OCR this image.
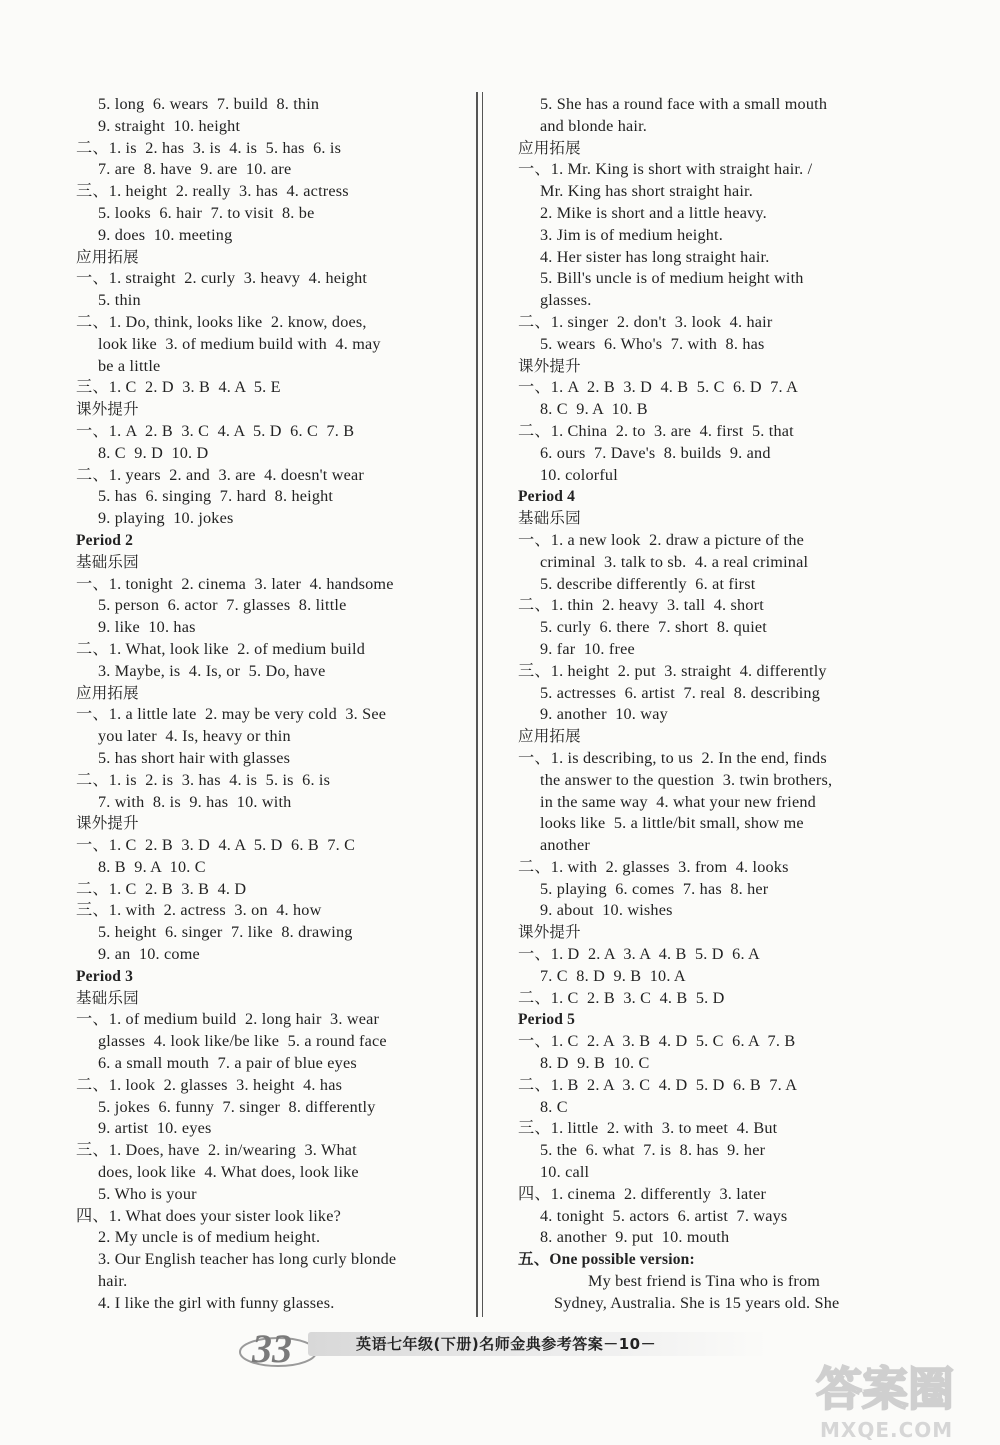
5. long  6. wears  7. build  8. thin
9. straight  10. height
二、1. is  2. has  3. is  4. is  5. has  6. is
7. are  8. have  9. are  10. are
三、1. height  2. really  3. has  4. actress
5. looks  6. hair  7. to visit  8. be
9. does  10. meeting
应用拓展
一、1. straight  2. curly  3. heavy  4. height
5. thin
二、1. Do, think, looks like  2. know, does,
look like  3. of medium build with  4. may
be a little
三、1. C  2. D  3. B  4. A  5. E
课外提升
一、1. A  2. B  3. C  4. A  5. D  6. C  7. B
8. C  9. D  10. D
二、1. years  2. and  3. are  4. doesn't wear
5. has  6. singing  7. hard  8. height
9. playing  10. jokes
Period 2
基础乐园
一、1. tonight  2. cinema  3. later  4. handsome
5. person  6. actor  7. glasses  8. little
9. like  10. has
二、1. What, look like  2. of medium build
3. Maybe, is  4. Is, or  5. Do, have
应用拓展
一、1. a little late  2. may be very cold  3. See
you later  4. Is, heavy or thin
5. has short hair with glasses
二、1. is  2. is  3. has  4. is  5. is  6. is
7. with  8. is  9. has  10. with
课外提升
一、1. C  2. B  3. D  4. A  5. D  6. B  7. C
8. B  9. A  10. C
二、1. C  2. B  3. B  4. D
三、1. with  2. actress  3. on  4. how
5. height  6. singer  7. like  8. drawing
9. an  10. come
Period 3
基础乐园
一、1. of medium build  2. long hair  3. wear
glasses  4. look like/be like  5. a round face
6. a small mouth  7. a pair of blue eyes
二、1. look  2. glasses  3. height  4. has
5. jokes  6. funny  7. singer  8. differently
9. artist  10. eyes
三、1. Does, have  2. in/wearing  3. What
does, look like  4. What does, look like
5. Who is your
四、1. What does your sister look like?
2. My uncle is of medium height.
3. Our English teacher has long curly blonde
hair.
4. I like the girl with funny glasses.
5. She has a round face with a small mouth
and blonde hair.
应用拓展
一、1. Mr. King is short with straight hair. /
Mr. King has short straight hair.
2. Mike is short and a little heavy.
3. Jim is of medium height.
4. Her sister has long straight hair.
5. Bill's uncle is of medium height with
glasses.
二、1. singer  2. don't  3. look  4. hair
5. wears  6. Who's  7. with  8. has
课外提升
一、1. A  2. B  3. D  4. B  5. C  6. D  7. A
8. C  9. A  10. B
二、1. China  2. to  3. are  4. first  5. that
6. ours  7. Dave's  8. builds  9. and
10. colorful
Period 4
基础乐园
一、1. a new look  2. draw a picture of the
criminal  3. talk to sb.  4. a real criminal
5. describe differently  6. at first
二、1. thin  2. heavy  3. tall  4. short
5. curly  6. there  7. short  8. quiet
9. far  10. free
三、1. height  2. put  3. straight  4. differently
5. actresses  6. artist  7. real  8. describing
9. another  10. way
应用拓展
一、1. is describing, to us  2. In the end, finds
the answer to the question  3. twin brothers,
in the same way  4. what your new friend
looks like  5. a little/bit small, show me
another
二、1. with  2. glasses  3. from  4. looks
5. playing  6. comes  7. has  8. her
9. about  10. wishes
课外提升
一、1. D  2. A  3. A  4. B  5. D  6. A
7. C  8. D  9. B  10. A
二、1. C  2. B  3. C  4. B  5. D
Period 5
一、1. C  2. A  3. B  4. D  5. C  6. A  7. B
8. D  9. B  10. C
二、1. B  2. A  3. C  4. D  5. D  6. B  7. A
8. C
三、1. little  2. with  3. to meet  4. But
5. the  6. what  7. is  8. has  9. her
10. call
四、1. cinema  2. differently  3. later
4. tonight  5. actors  6. artist  7. ways
8. another  9. put  10. mouth
五、One possible version:
My best friend is Tina who is from
Sydney, Australia. She is 15 years old. She
33	英语七年级(下册)名师金典参考答案－10－
答案圈
MXQE.COM
